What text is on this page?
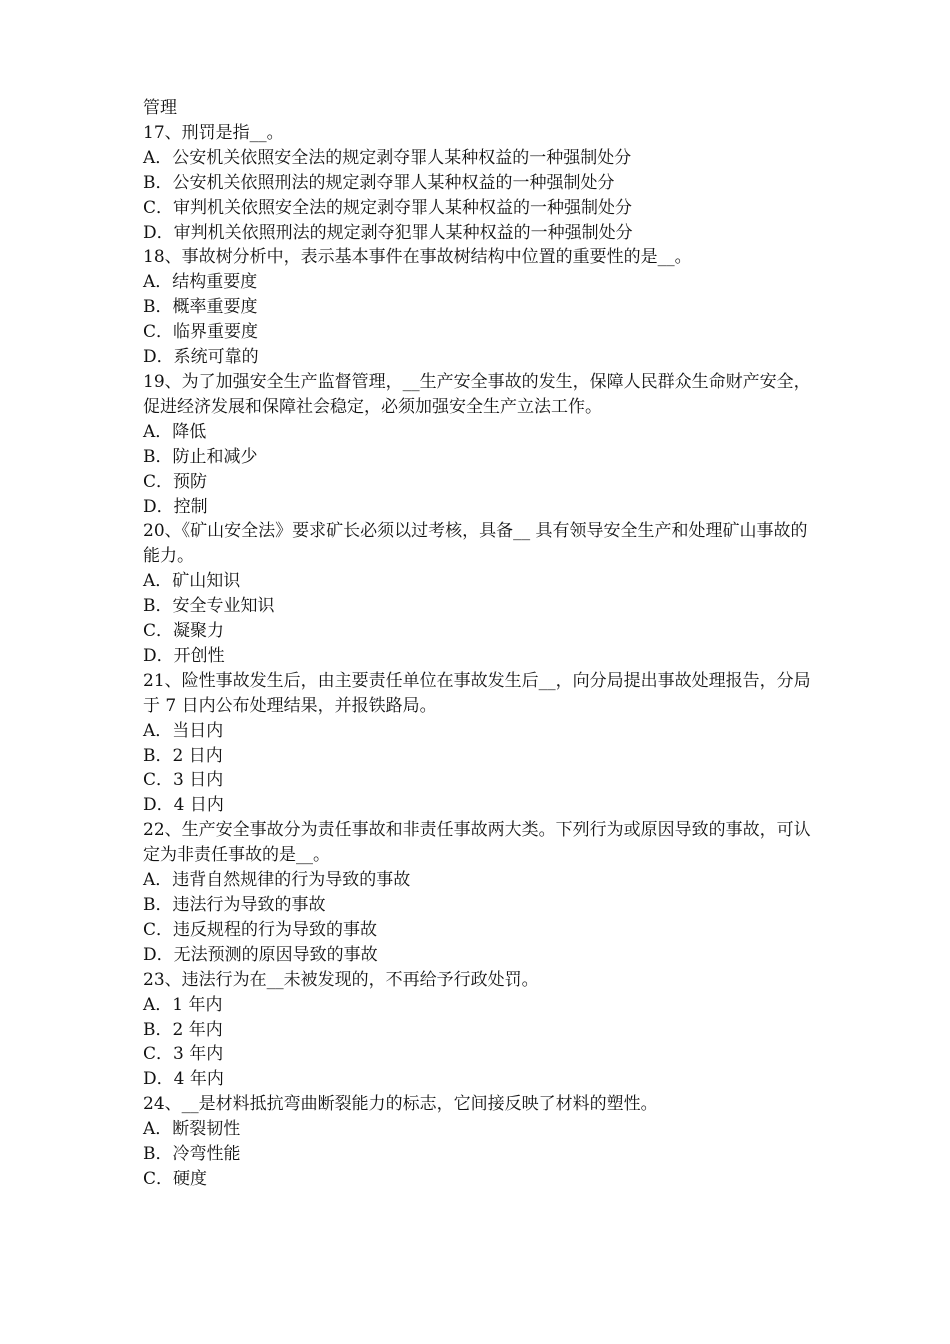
管理
17、刑罚是指__。
A．公安机关依照安全法的规定剥夺罪人某种权益的一种强制处分
B．公安机关依照刑法的规定剥夺罪人某种权益的一种强制处分
C．审判机关依照安全法的规定剥夺罪人某种权益的一种强制处分
D．审判机关依照刑法的规定剥夺犯罪人某种权益的一种强制处分
18、事故树分析中，表示基本事件在事故树结构中位置的重要性的是__。
A．结构重要度
B．概率重要度
C．临界重要度
D．系统可靠的
19、为了加强安全生产监督管理，__生产安全事故的发生，保障人民群众生命财产安全，促进经济发展和保障社会稳定，必须加强安全生产立法工作。
A．降低
B．防止和减少
C．预防
D．控制
20、《矿山安全法》要求矿长必须以过考核，具备__ 具有领导安全生产和处理矿山事故的能力。
A．矿山知识
B．安全专业知识
C．凝聚力
D．开创性
21、险性事故发生后，由主要责任单位在事故发生后__，向分局提出事故处理报告，分局于 7 日内公布处理结果，并报铁路局。
A．当日内
B．2 日内
C．3 日内
D．4 日内
22、生产安全事故分为责任事故和非责任事故两大类。下列行为或原因导致的事故，可认定为非责任事故的是__。
A．违背自然规律的行为导致的事故
B．违法行为导致的事故
C．违反规程的行为导致的事故
D．无法预测的原因导致的事故
23、违法行为在__未被发现的，不再给予行政处罚。
A．1 年内
B．2 年内
C．3 年内
D．4 年内
24、__是材料抵抗弯曲断裂能力的标志，它间接反映了材料的塑性。
A．断裂韧性
B．冷弯性能
C．硬度
